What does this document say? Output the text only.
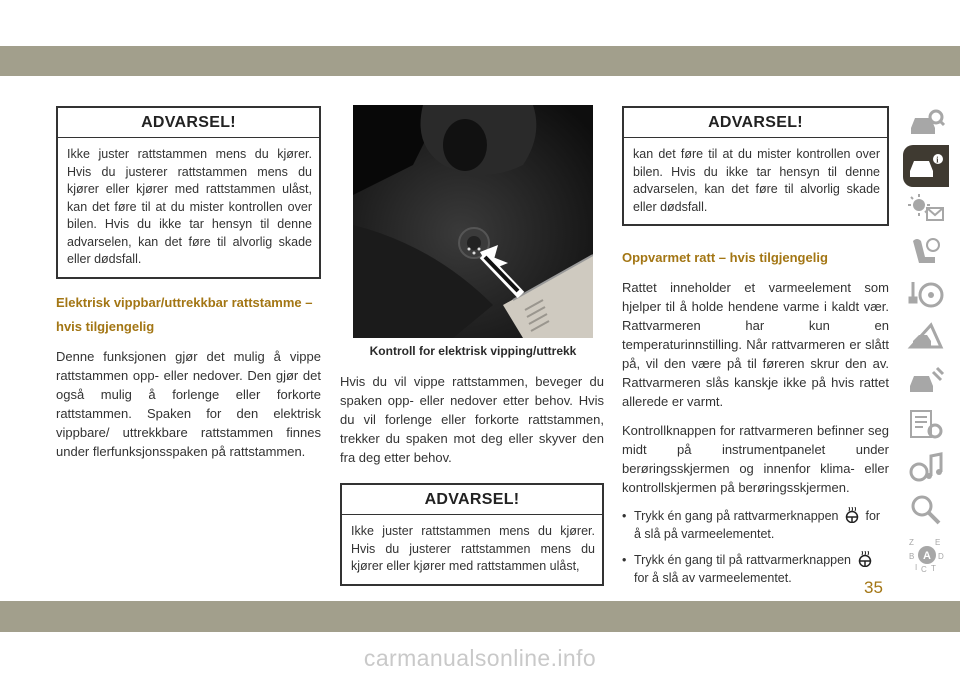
ADVARSEL!
Ikke juster rattstammen mens du kjører. Hvis du justerer rattstammen mens du kjører eller kjører med rattstammen ulåst, kan det føre til at du mister kontrollen over bilen. Hvis du ikke tar hensyn til denne advarselen, kan det føre til alvorlig skade eller dødsfall.
Elektrisk vippbar/uttrekkbar rattstamme – hvis tilgjengelig

Denne funksjonen gjør det mulig å vippe rattstammen opp- eller nedover. Den gjør det også mulig å forlenge eller forkorte rattstammen. Spaken for den elektrisk vippbare/ uttrekkbare rattstammen finnes under flerfunksjonsspaken på rattstammen.

Kontroll for elektrisk vipping/uttrekk

Hvis du vil vippe rattstammen, beveger du spaken opp- eller nedover etter behov. Hvis du vil forlenge eller forkorte rattstammen, trekker du spaken mot deg eller skyver den fra deg etter behov.

ADVARSEL!
Ikke juster rattstammen mens du kjører. Hvis du justerer rattstammen mens du kjører eller kjører med rattstammen ulåst,
ADVARSEL!
kan det føre til at du mister kontrollen over bilen. Hvis du ikke tar hensyn til denne advarselen, kan det føre til alvorlig skade eller dødsfall.
Oppvarmet ratt – hvis tilgjengelig

Rattet inneholder et varmeelement som hjelper til å holde hendene varme i kaldt vær. Rattvarmeren har kun en temperaturinnstilling. Når rattvarmeren er slått på, vil den være på til føreren skrur den av. Rattvarmeren slås kanskje ikke på hvis rattet allerede er varmt.

Kontrollknappen for rattvarmeren befinner seg midt på instrumentpanelet under berøringsskjermen og innenfor klima- eller kontrollskjermen på berøringsskjermen.

• Trykk én gang på rattvarmerknappen for å slå på varmeelementet.
• Trykk én gang til på rattvarmerknappen  for å slå av varmeelementet.
i
Z	E
B	D
I C T
A
35
carmanualsonline.info
